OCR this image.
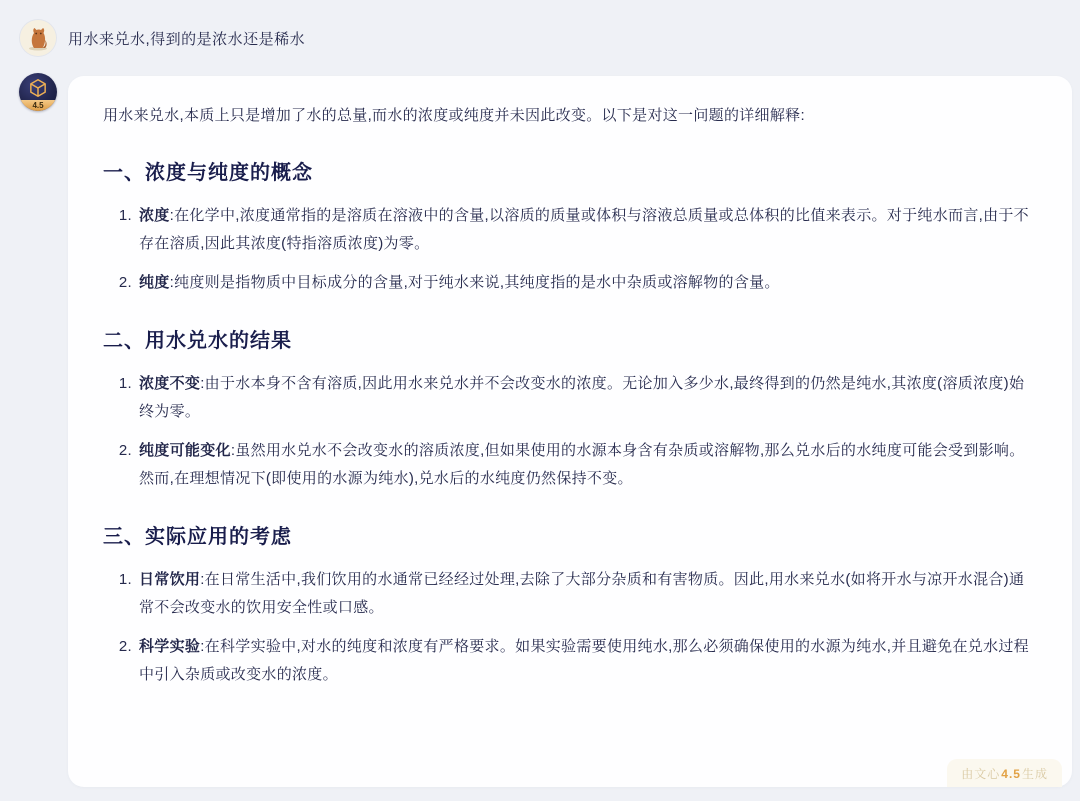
用水来兑水,得到的是浓水还是稀水
4.5

用水来兑水,本质上只是增加了水的总量,而水的浓度或纯度并未因此改变。以下是对这一问题的详细解释:

一、浓度与纯度的概念
1. 浓度:在化学中,浓度通常指的是溶质在溶液中的含量,以溶质的质量或体积与溶液总质量或总体积的比值来表示。对于纯水而言,由于不存在溶质,因此其浓度(特指溶质浓度)为零。
2. 纯度:纯度则是指物质中目标成分的含量,对于纯水来说,其纯度指的是水中杂质或溶解物的含量。
二、用水兑水的结果
1. 浓度不变:由于水本身不含有溶质,因此用水来兑水并不会改变水的浓度。无论加入多少水,最终得到的仍然是纯水,其浓度(溶质浓度)始终为零。
2. 纯度可能变化:虽然用水兑水不会改变水的溶质浓度,但如果使用的水源本身含有杂质或溶解物,那么兑水后的水纯度可能会受到影响。然而,在理想情况下(即使用的水源为纯水),兑水后的水纯度仍然保持不变。
三、实际应用的考虑
1. 日常饮用:在日常生活中,我们饮用的水通常已经经过处理,去除了大部分杂质和有害物质。因此,用水来兑水(如将开水与凉开水混合)通常不会改变水的饮用安全性或口感。
2. 科学实验:在科学实验中,对水的纯度和浓度有严格要求。如果实验需要使用纯水,那么必须确保使用的水源为纯水,并且避免在兑水过程中引入杂质或改变水的浓度。
由文心4.5生成
